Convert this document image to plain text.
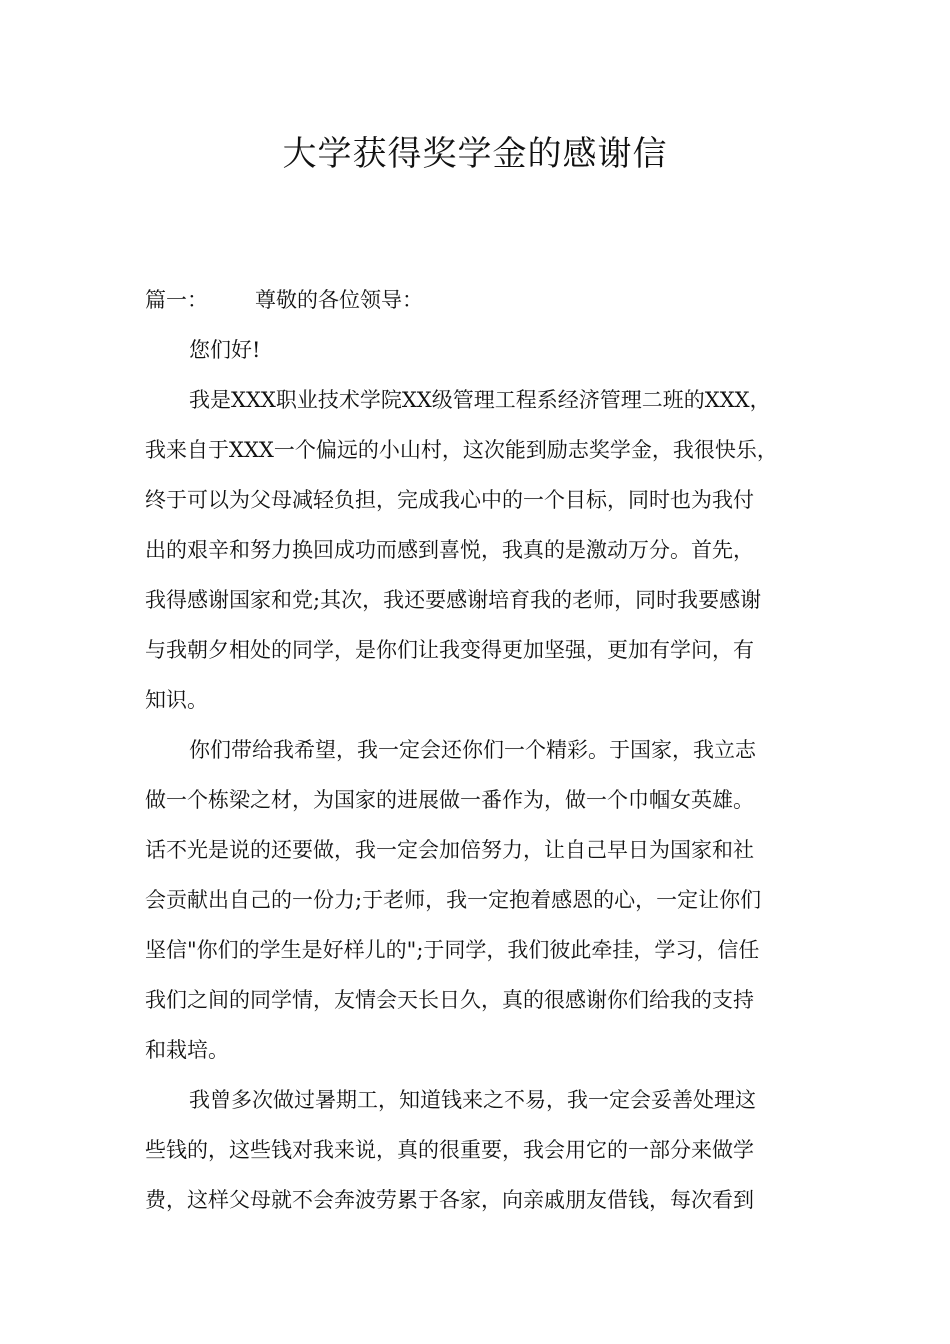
大学获得奖学金的感谢信
篇一： 尊敬的各位领导：
您们好!
我是XXX职业技术学院XX级管理工程系经济管理二班的XXX，
我来自于XXX一个偏远的小山村，这次能到励志奖学金，我很快乐，
终于可以为父母减轻负担，完成我心中的一个目标，同时也为我付
出的艰辛和努力换回成功而感到喜悦，我真的是激动万分。首先，
我得感谢国家和党;其次，我还要感谢培育我的老师，同时我要感谢
与我朝夕相处的同学，是你们让我变得更加坚强，更加有学问，有
知识。
你们带给我希望，我一定会还你们一个精彩。于国家，我立志
做一个栋梁之材，为国家的进展做一番作为，做一个巾帼女英雄。
话不光是说的还要做，我一定会加倍努力，让自己早日为国家和社
会贡献出自己的一份力;于老师，我一定抱着感恩的心，一定让你们
坚信"你们的学生是好样儿的";于同学，我们彼此牵挂，学习，信任
我们之间的同学情，友情会天长日久，真的很感谢你们给我的支持
和栽培。
我曾多次做过暑期工，知道钱来之不易，我一定会妥善处理这
些钱的，这些钱对我来说，真的很重要，我会用它的一部分来做学
费，这样父母就不会奔波劳累于各家，向亲戚朋友借钱，每次看到
